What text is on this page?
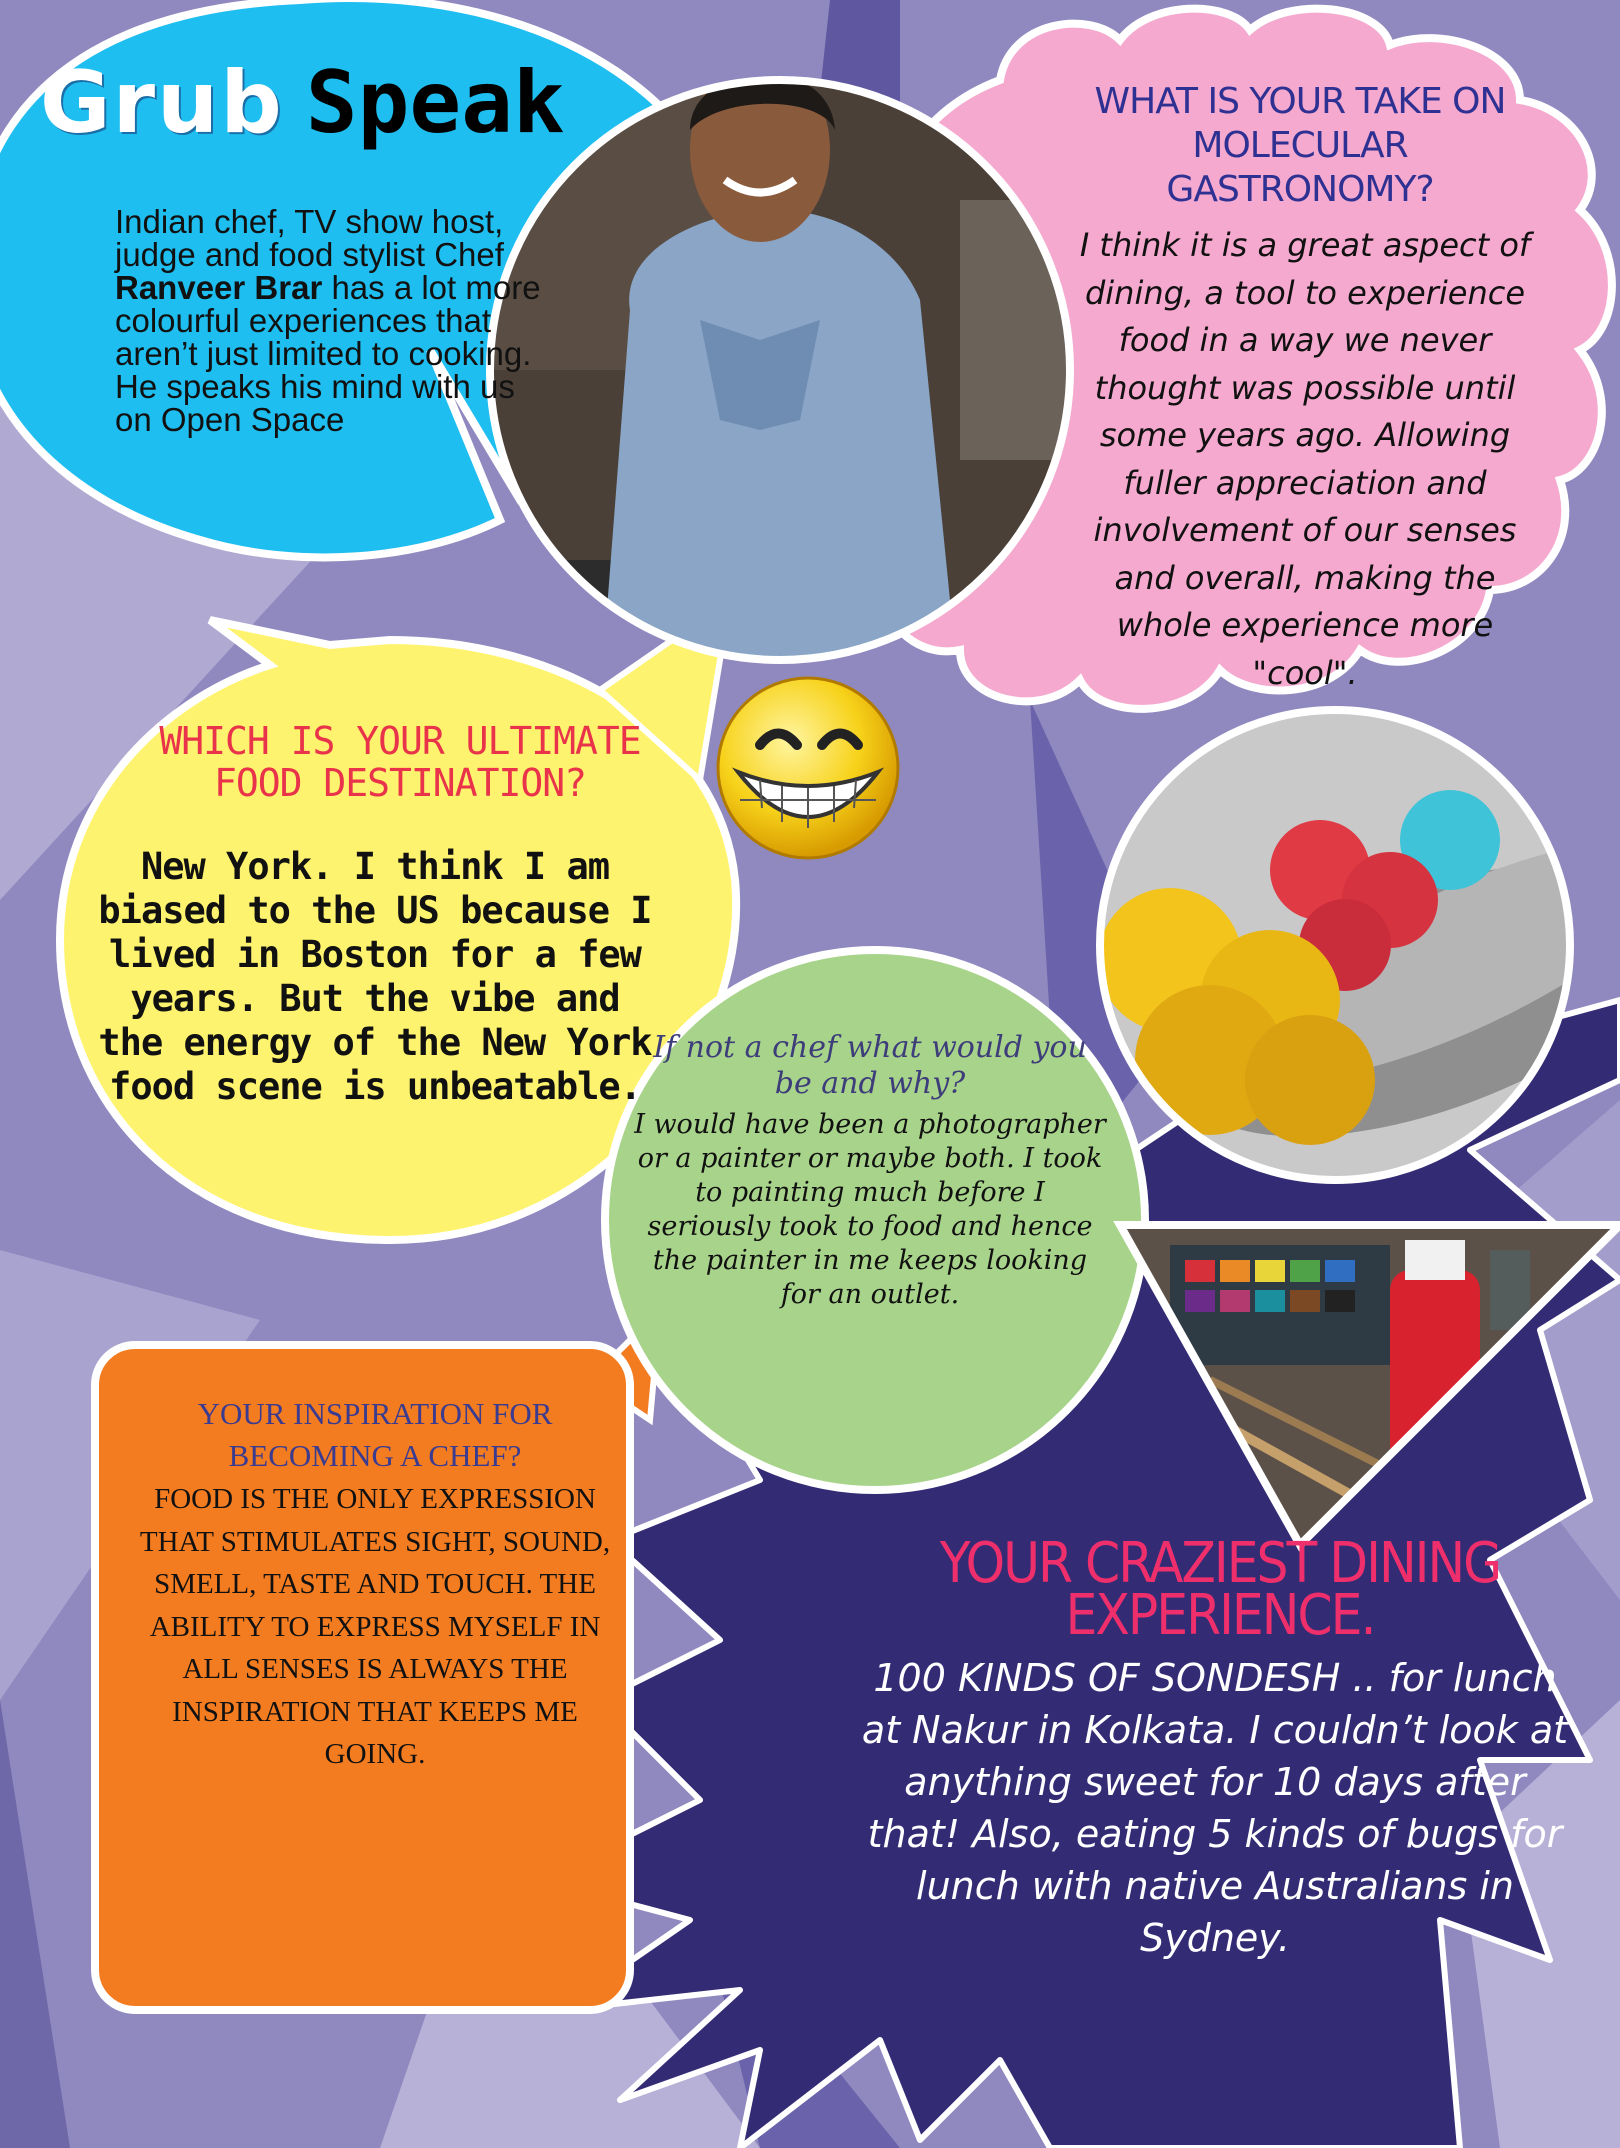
Grub Speak

Indian chef, TV show host, judge and food stylist Chef Ranveer Brar has a lot more colourful experiences that aren’t just limited to cooking. He speaks his mind with us on Open Space

WHAT IS YOUR TAKE ON MOLECULAR GASTRONOMY?

I think it is a great aspect of dining, a tool to experience food in a way we never thought was possible until some years ago. Allowing fuller appreciation and involvement of our senses and overall, making the whole experience more "cool".

WHICH IS YOUR ULTIMATE FOOD DESTINATION?

New York. I think I am biased to the US because I lived in Boston for a few years. But the vibe and the energy of the New York food scene is unbeatable.

If not a chef what would you be and why?

I would have been a photographer or a painter or maybe both. I took to painting much before I seriously took to food and hence the painter in me keeps looking for an outlet.

YOUR INSPIRATION FOR BECOMING A CHEF?

FOOD IS THE ONLY EXPRESSION THAT STIMULATES SIGHT, SOUND, SMELL, TASTE AND TOUCH. THE ABILITY TO EXPRESS MYSELF IN ALL SENSES IS ALWAYS THE INSPIRATION THAT KEEPS ME GOING.

YOUR CRAZIEST DINING EXPERIENCE.

100 KINDS OF SONDESH .. for lunch at Nakur in Kolkata. I couldn’t look at anything sweet for 10 days after that! Also, eating 5 kinds of bugs for lunch with native Australians in Sydney.
